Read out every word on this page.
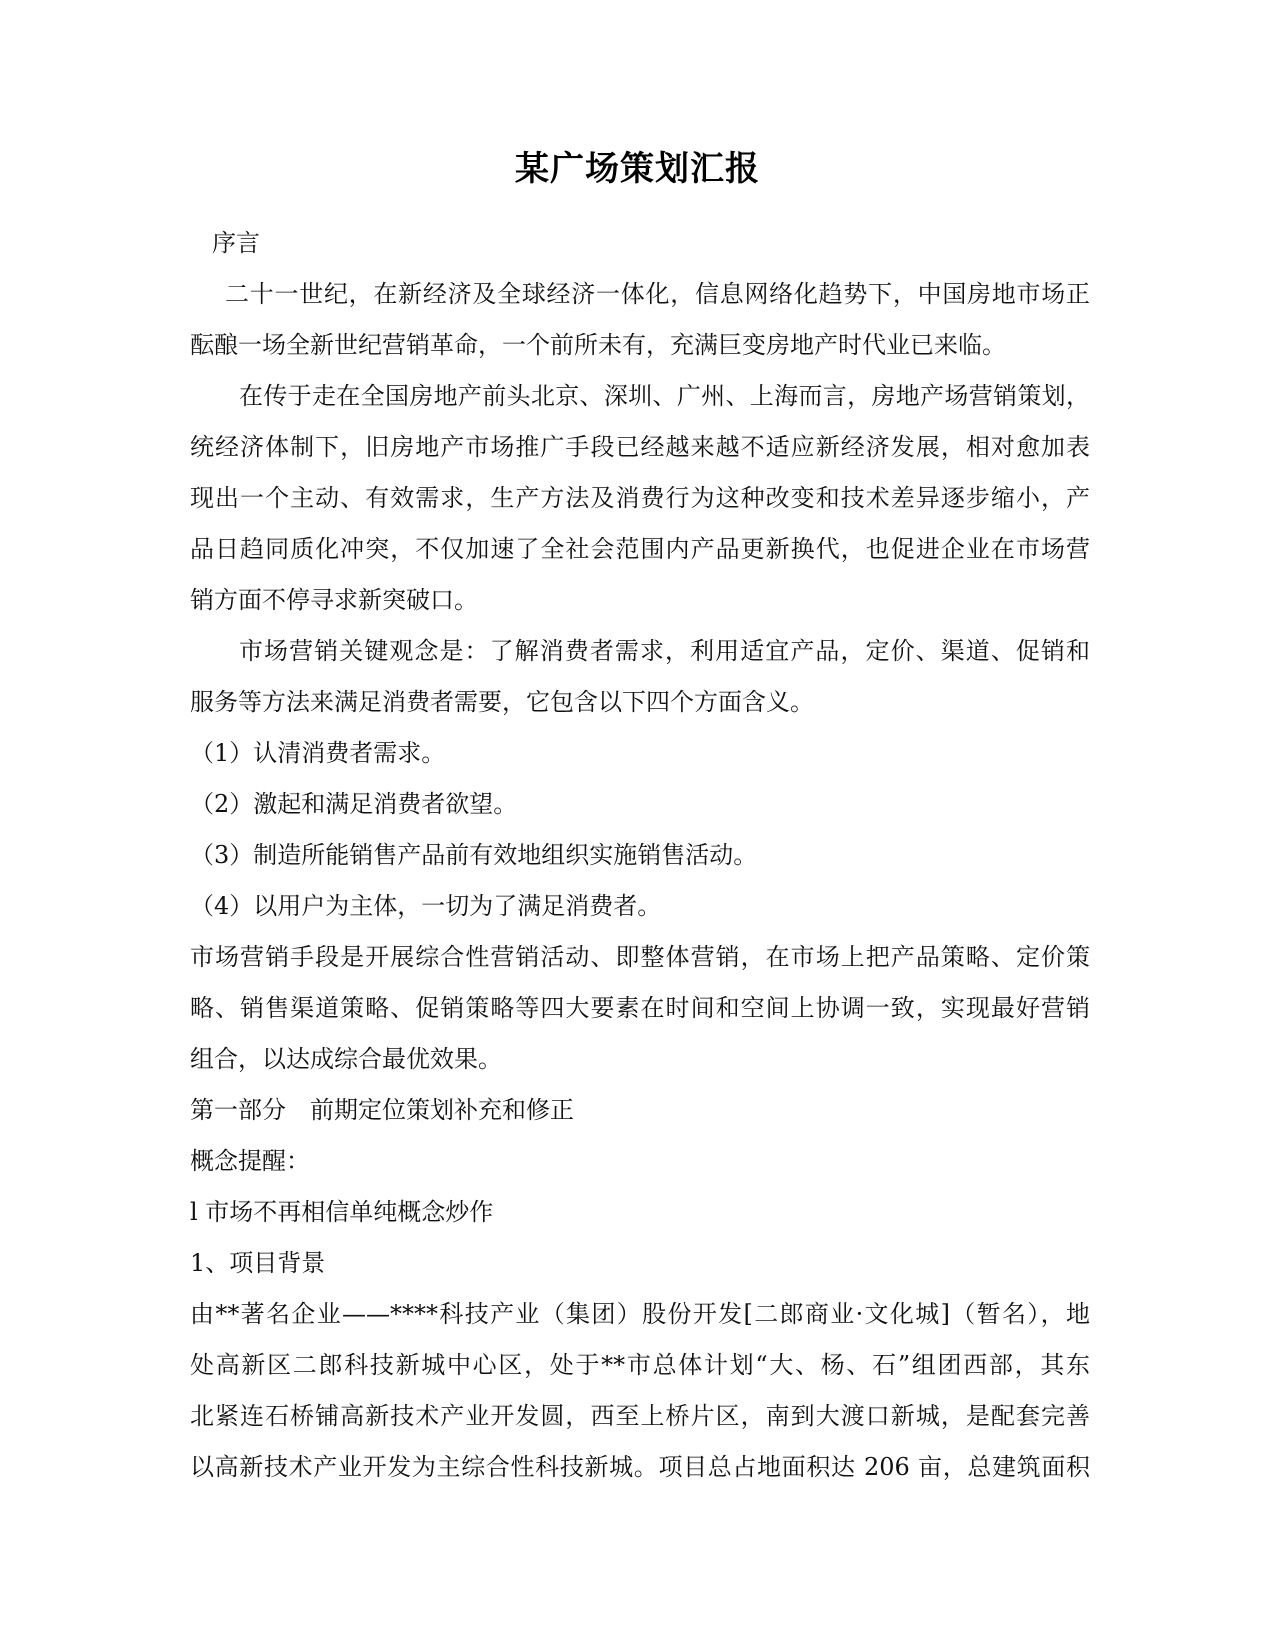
某广场策划汇报
序言
二十一世纪，在新经济及全球经济一体化，信息网络化趋势下，中国房地市场正
酝酿一场全新世纪营销革命，一个前所未有，充满巨变房地产时代业已来临。
在传于走在全国房地产前头北京、深圳、广州、上海而言，房地产场营销策划，
统经济体制下，旧房地产市场推广手段已经越来越不适应新经济发展，相对愈加表
现出一个主动、有效需求，生产方法及消费行为这种改变和技术差异逐步缩小，产
品日趋同质化冲突，不仅加速了全社会范围内产品更新换代，也促进企业在市场营
销方面不停寻求新突破口。
市场营销关键观念是：了解消费者需求，利用适宜产品，定价、渠道、促销和
服务等方法来满足消费者需要，它包含以下四个方面含义。
（1）认清消费者需求。
（2）激起和满足消费者欲望。
（3）制造所能销售产品前有效地组织实施销售活动。
（4）以用户为主体，一切为了满足消费者。
市场营销手段是开展综合性营销活动、即整体营销，在市场上把产品策略、定价策
略、销售渠道策略、促销策略等四大要素在时间和空间上协调一致，实现最好营销
组合，以达成综合最优效果。
第一部分　前期定位策划补充和修正
概念提醒：
l 市场不再相信单纯概念炒作
1、项目背景
由**著名企业——****科技产业（集团）股份开发[二郎商业·文化城]（暂名），地
处高新区二郎科技新城中心区，处于**市总体计划“大、杨、石”组团西部，其东
北紧连石桥铺高新技术产业开发圆，西至上桥片区，南到大渡口新城，是配套完善
以高新技术产业开发为主综合性科技新城。项目总占地面积达 206 亩，总建筑面积
